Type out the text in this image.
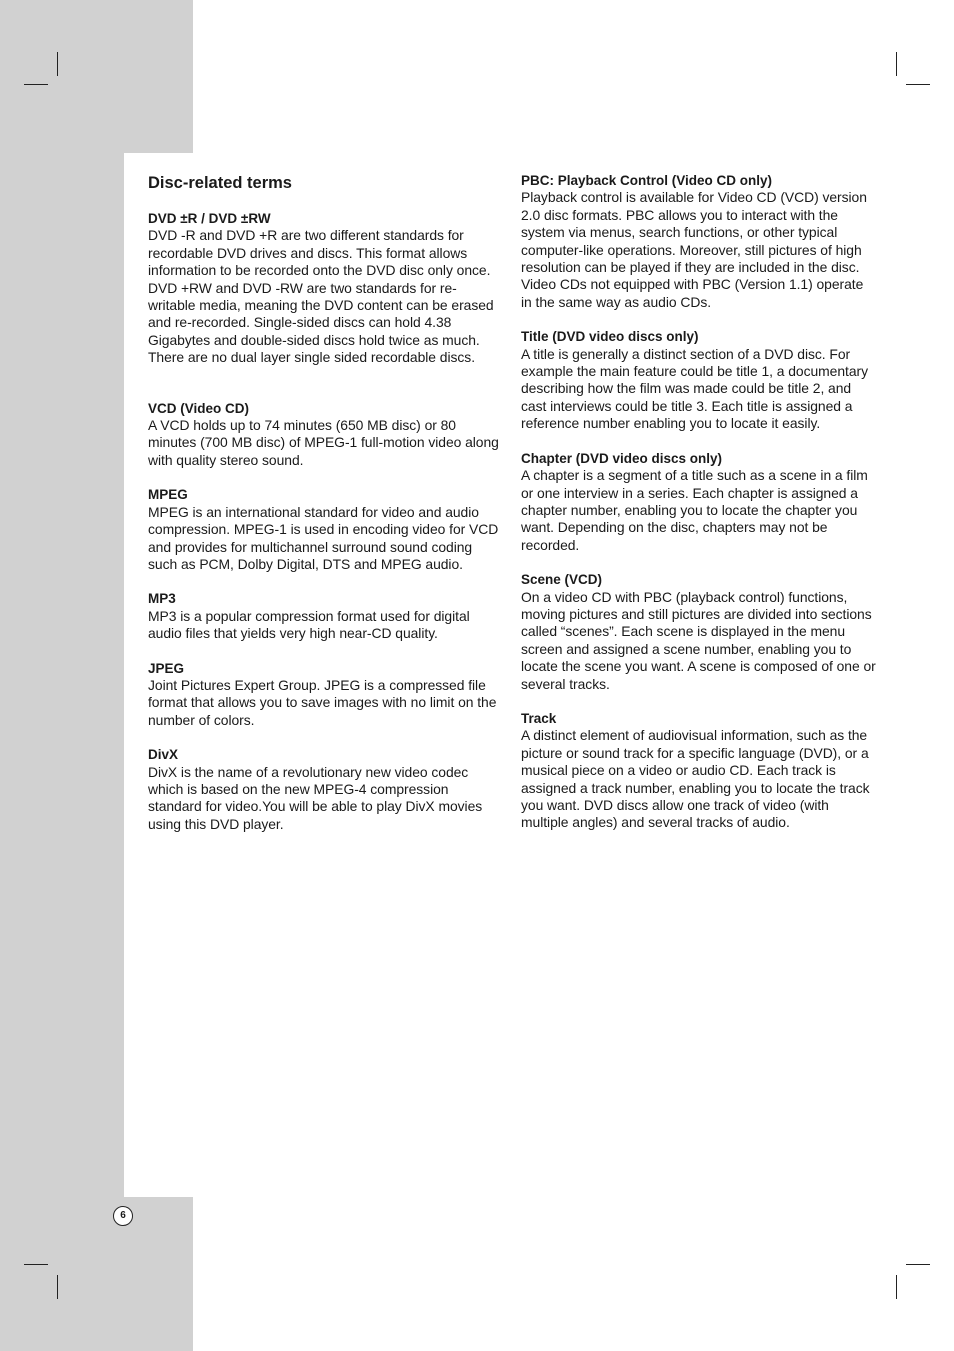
Disc-related terms

DVD ±R / DVD ±RW

DVD -R and DVD +R are two different standards for recordable DVD drives and discs. This format allows information to be recorded onto the DVD disc only once. DVD +RW and DVD -RW are two standards for re-writable media, meaning the DVD content can be erased and re-recorded. Single-sided discs can hold 4.38 Gigabytes and double-sided discs hold twice as much. There are no dual layer single sided recordable discs.

VCD (Video CD)

A VCD holds up to 74 minutes (650 MB disc) or 80 minutes (700 MB disc) of MPEG-1 full-motion video along with quality stereo sound.

MPEG

MPEG is an international standard for video and audio compression. MPEG-1 is used in encoding video for VCD and provides for multichannel surround sound coding such as PCM, Dolby Digital, DTS and MPEG audio.

MP3

MP3 is a popular compression format used for digital audio files that yields very high near-CD quality.

JPEG

Joint Pictures Expert Group. JPEG is a compressed file format that allows you to save images with no limit on the number of colors.

DivX

DivX is the name of a revolutionary new video codec which is based on the new MPEG-4 compression standard for video.You will be able to play DivX movies using this DVD player.

PBC: Playback Control (Video CD only)

Playback control is available for Video CD (VCD) version 2.0 disc formats. PBC allows you to interact with the system via menus, search functions, or other typical computer-like operations. Moreover, still pictures of high resolution can be played if they are included in the disc. Video CDs not equipped with PBC (Version 1.1) operate in the same way as audio CDs.

Title (DVD video discs only)

A title is generally a distinct section of a DVD disc. For example the main feature could be title 1, a documentary describing how the film was made could be title 2, and cast interviews could be title 3. Each title is assigned a reference number enabling you to locate it easily.

Chapter (DVD video discs only)

A chapter is a segment of a title such as a scene in a film or one interview in a series. Each chapter is assigned a chapter number, enabling you to locate the chapter you want. Depending on the disc, chapters may not be recorded.

Scene (VCD)

On a video CD with PBC (playback control) functions, moving pictures and still pictures are divided into sections called “scenes”. Each scene is displayed in the menu screen and assigned a scene number, enabling you to locate the scene you want. A scene is composed of one or several tracks.

Track

A distinct element of audiovisual information, such as the picture or sound track for a specific language (DVD), or a musical piece on a video or audio CD. Each track is assigned a track number, enabling you to locate the track you want. DVD discs allow one track of video (with multiple angles) and several tracks of audio.

6
